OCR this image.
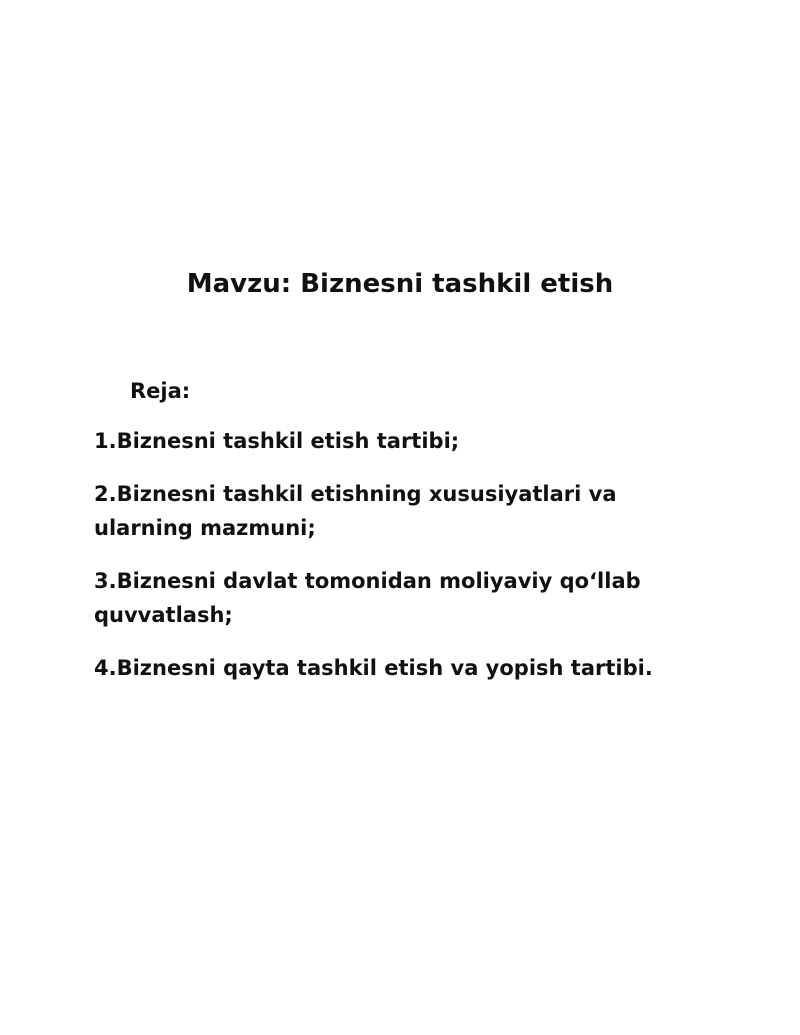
Mavzu: Biznesni tashkil etish
Reja:
1.Biznesni tashkil etish tartibi;
2.Biznesni tashkil etishning xususiyatlari va ularning mazmuni;
3.Biznesni davlat tomonidan moliyaviy qo‘llab quvvatlash;
4.Biznesni qayta tashkil etish va yopish tartibi.
